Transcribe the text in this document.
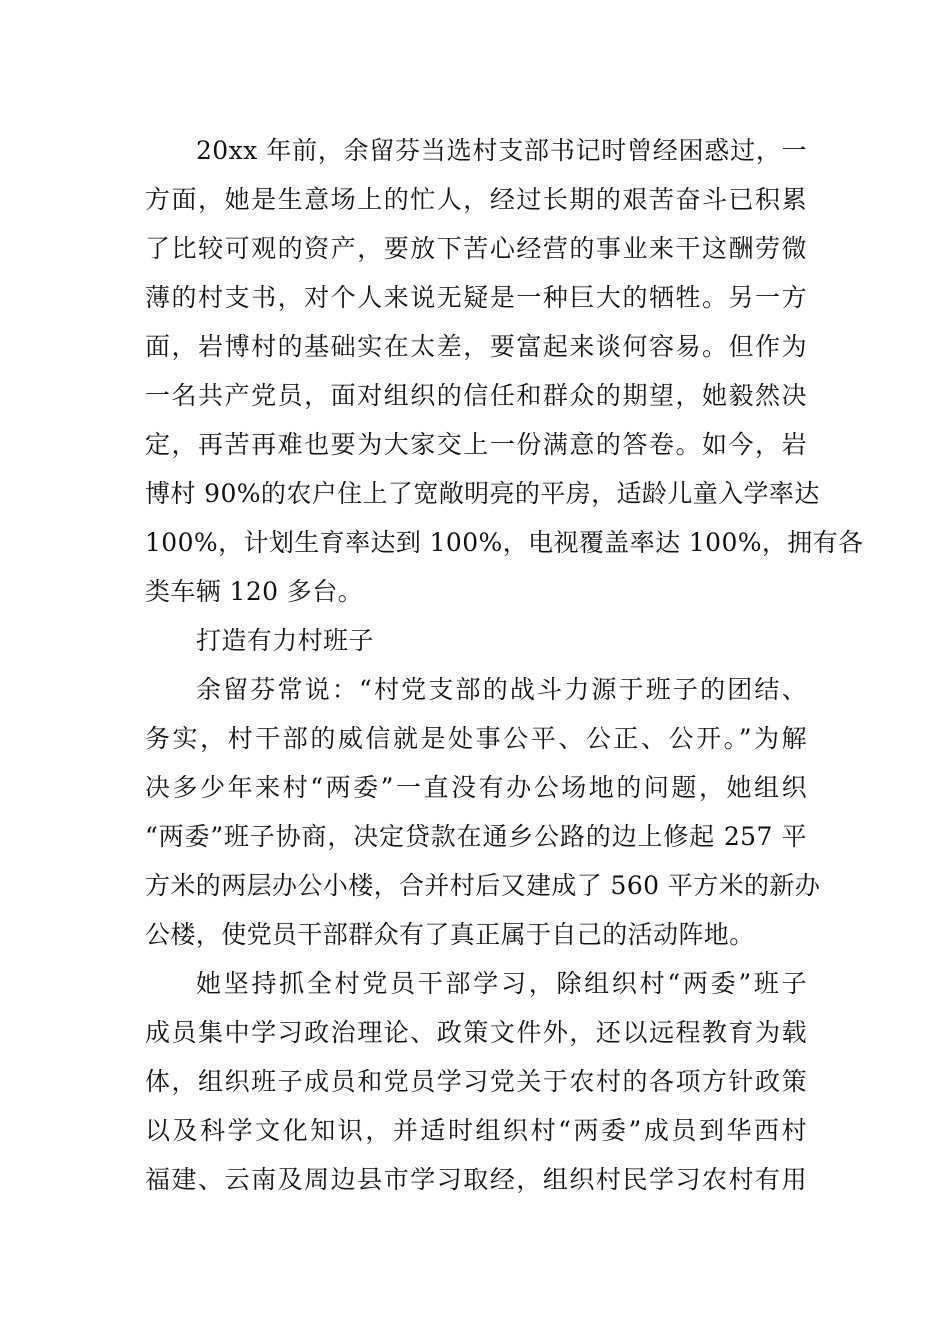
20xx 年前，余留芬当选村支部书记时曾经困惑过，一
方面，她是生意场上的忙人，经过长期的艰苦奋斗已积累
了比较可观的资产，要放下苦心经营的事业来干这酬劳微
薄的村支书，对个人来说无疑是一种巨大的牺牲。另一方
面，岩博村的基础实在太差，要富起来谈何容易。但作为
一名共产党员，面对组织的信任和群众的期望，她毅然决
定，再苦再难也要为大家交上一份满意的答卷。如今，岩
博村 90%的农户住上了宽敞明亮的平房，适龄儿童入学率达
100%，计划生育率达到 100%，电视覆盖率达 100%，拥有各
类车辆 120 多台。

打造有力村班子

余留芬常说：“村党支部的战斗力源于班子的团结、
务实，村干部的威信就是处事公平、公正、公开。”为解
决多少年来村“两委”一直没有办公场地的问题，她组织
“两委”班子协商，决定贷款在通乡公路的边上修起 257 平
方米的两层办公小楼，合并村后又建成了 560 平方米的新办
公楼，使党员干部群众有了真正属于自己的活动阵地。

她坚持抓全村党员干部学习，除组织村“两委”班子
成员集中学习政治理论、政策文件外，还以远程教育为载
体，组织班子成员和党员学习党关于农村的各项方针政策
以及科学文化知识，并适时组织村“两委”成员到华西村
福建、云南及周边县市学习取经，组织村民学习农村有用
